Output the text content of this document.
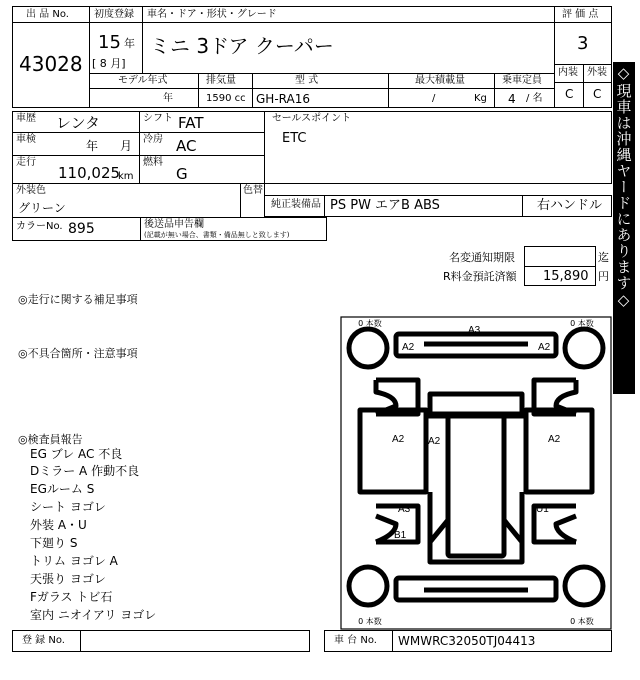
出 品 No.
43028
初度登録
15 年
[ 8 月]
車名・ドア・形状・グレード
ミニ 3ドア クーパー
評 価 点
3
内装 外装
C C
モデル年式
年
排気量
1590 cc
型 式
GH-RA16
最大積載量
/	Kg
乗車定員
4 / 名
車歴 レンタ	シフト FAT
車検	年 月 冷房 AC
走行
110,025
km
燃料
G
セールスポイント
ETC
外装色
グリーン
色替
純正装備品 PS PW エアB ABS	右ハンドル
カラーNo. 895	後送品申告欄
(記載が無い場合、書類・備品無しと致します)
名変通知期限	迄
R料金預託済額 15,890 円 ◇現車は沖縄ヤードにあります◇
◎走行に関する補足事項
◎不具合箇所・注意事項
◎検査員報告
EG ブレ AC 不良
Dミラー A 作動不良
EGルーム S
シート ヨゴレ
外装 A・U
下廻り S
トリム ヨゴレ A
天張り ヨゴレ
Fガラス トビ石
室内 ニオイアリ ヨゴレ
0 本数	0 本数
0 本数	0 本数
A3
A2	A2
A2 A2	A2
A3
B1
U1
登 録 No.	車 台 No. WMWRC32050TJ04413
